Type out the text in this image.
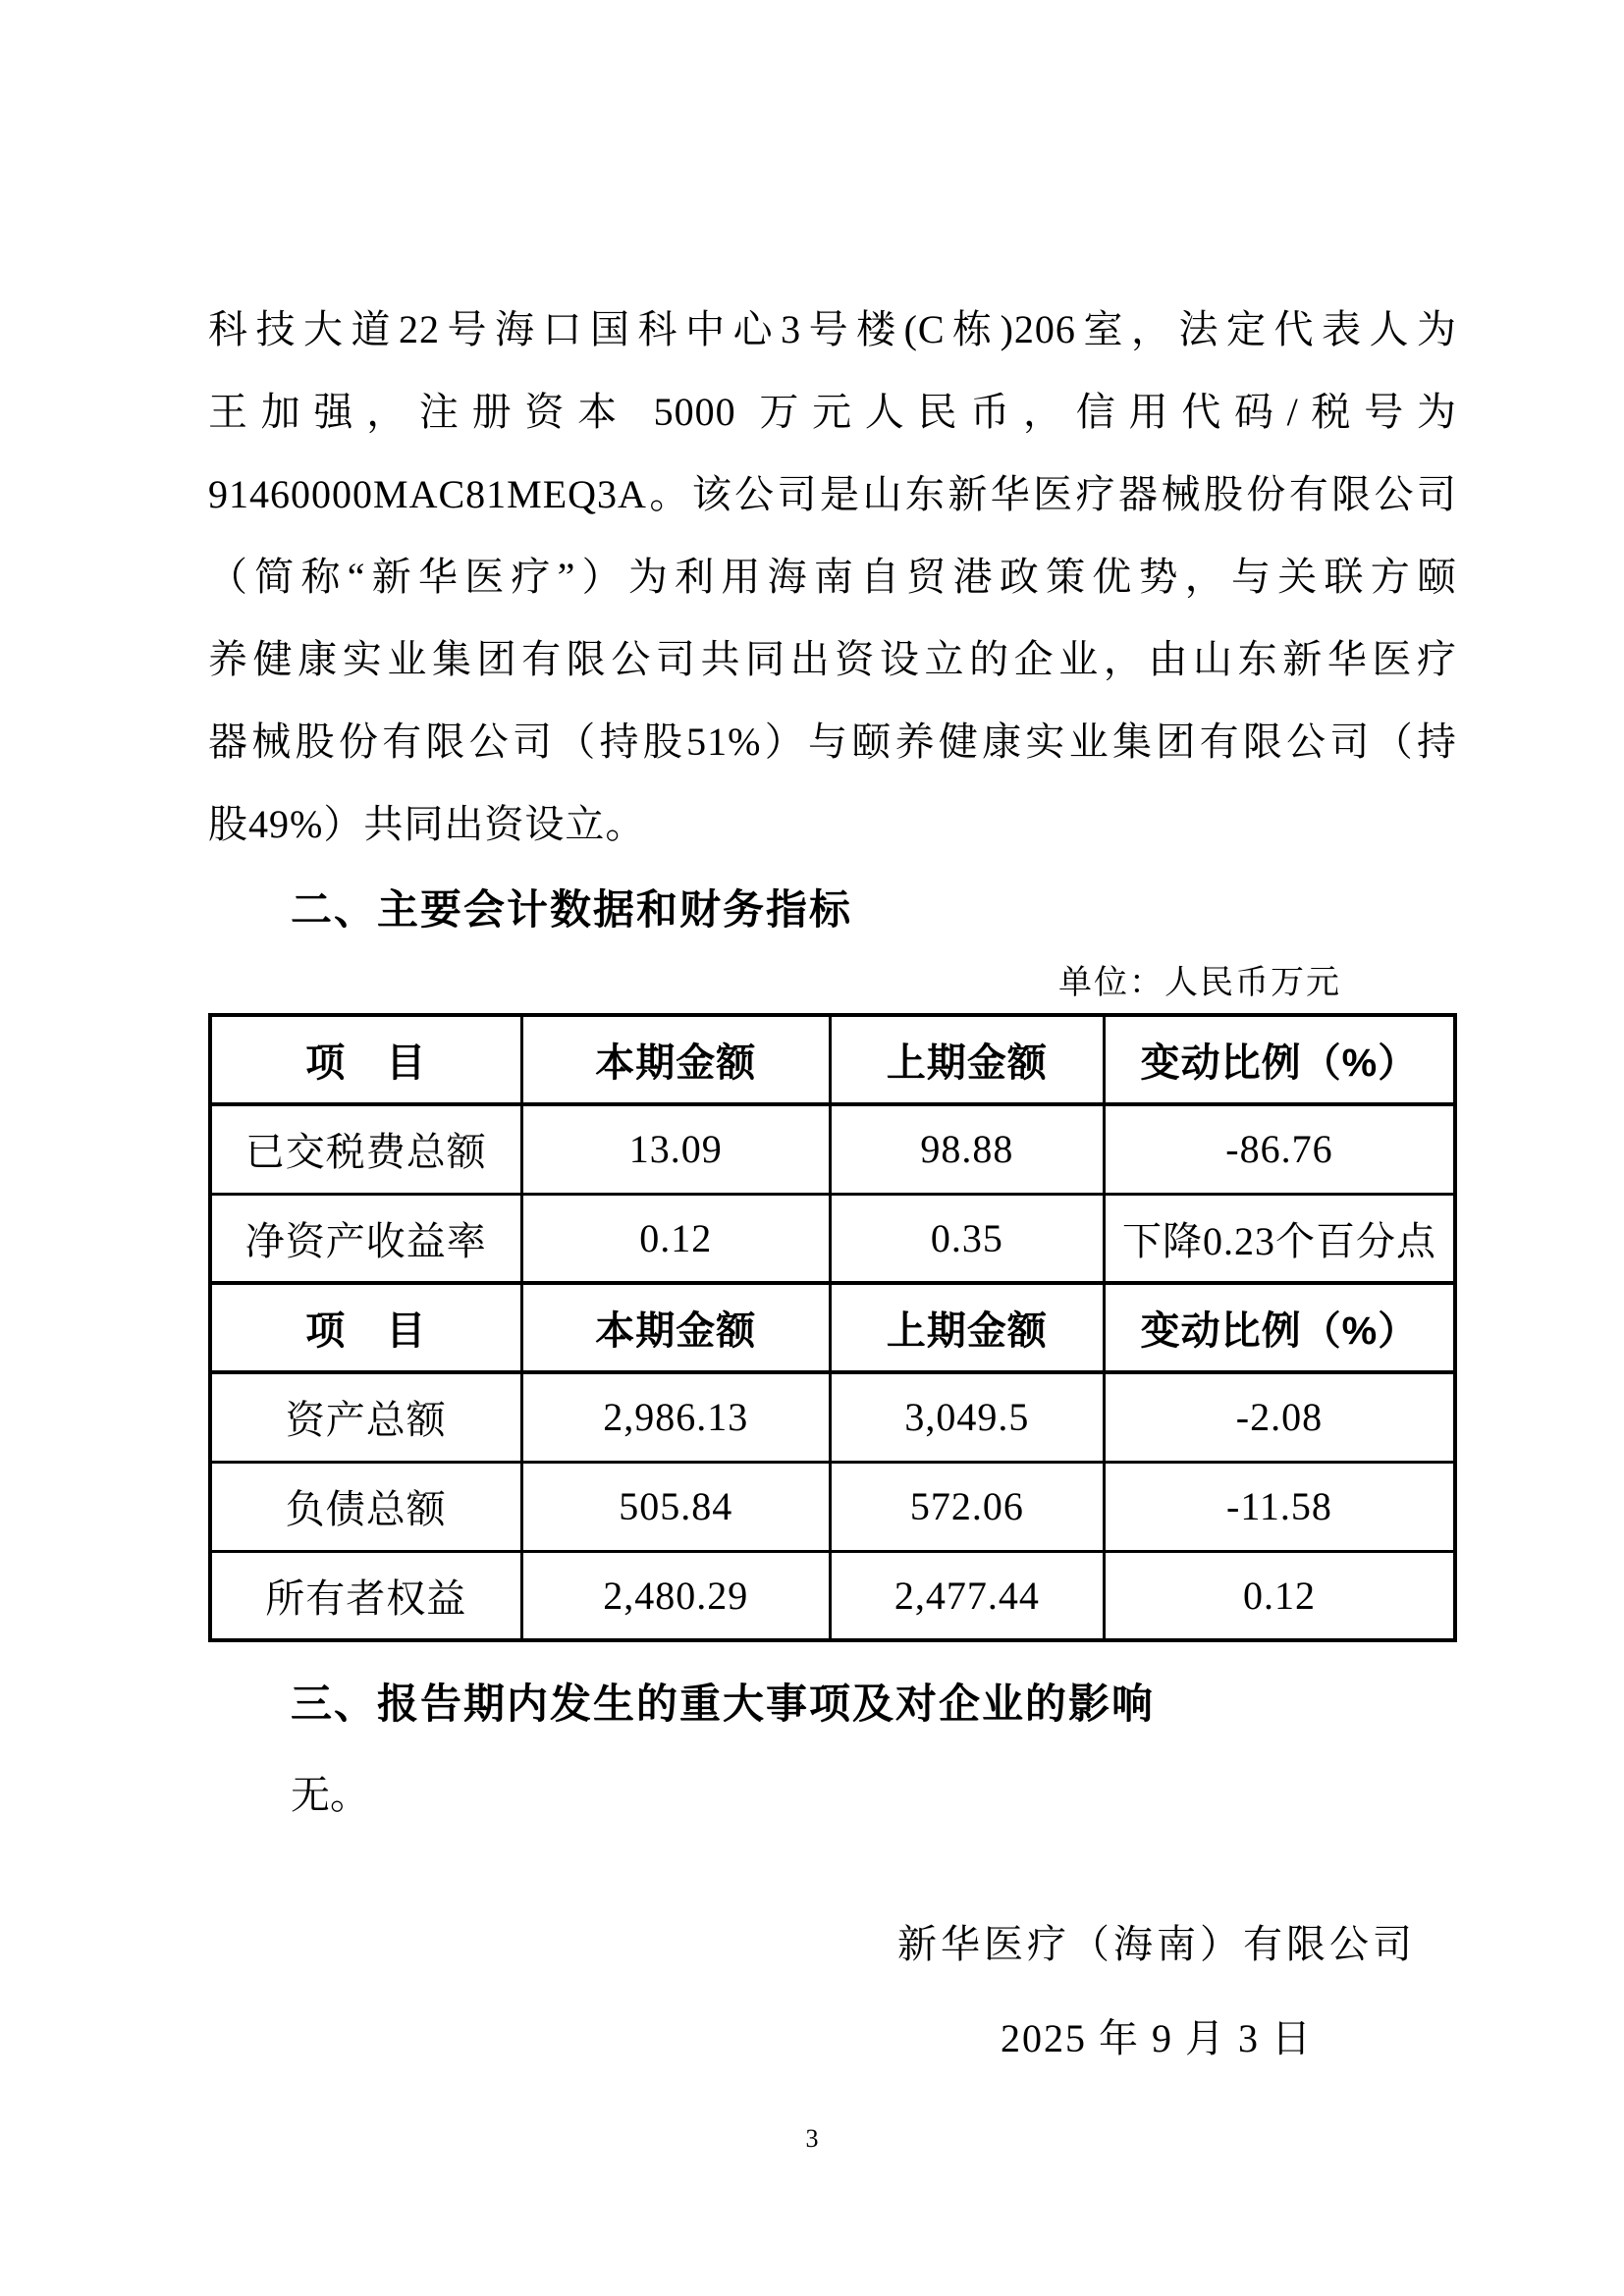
科技大道22号海口国科中心3号楼(C栋)206室，法定代表人为
王加强，注册资本 5000 万元人民币，信用代码/税号为
91460000MAC81MEQ3A。该公司是山东新华医疗器械股份有限公司
（简称“新华医疗”）为利用海南自贸港政策优势，与关联方颐
养健康实业集团有限公司共同出资设立的企业，由山东新华医疗
器械股份有限公司（持股51%）与颐养健康实业集团有限公司（持
股49%）共同出资设立。
二、主要会计数据和财务指标
单位：人民币万元
项　目	本期金额	上期金额	变动比例（%）
已交税费总额	13.09	98.88	-86.76
净资产收益率	0.12	0.35	下降0.23个百分点
项　目	本期金额	上期金额	变动比例（%）
资产总额	2,986.13	3,049.5	-2.08
负债总额	505.84	572.06	-11.58
所有者权益	2,480.29	2,477.44	0.12
三、报告期内发生的重大事项及对企业的影响
无。
新华医疗（海南）有限公司
2025 年 9 月 3 日
3
